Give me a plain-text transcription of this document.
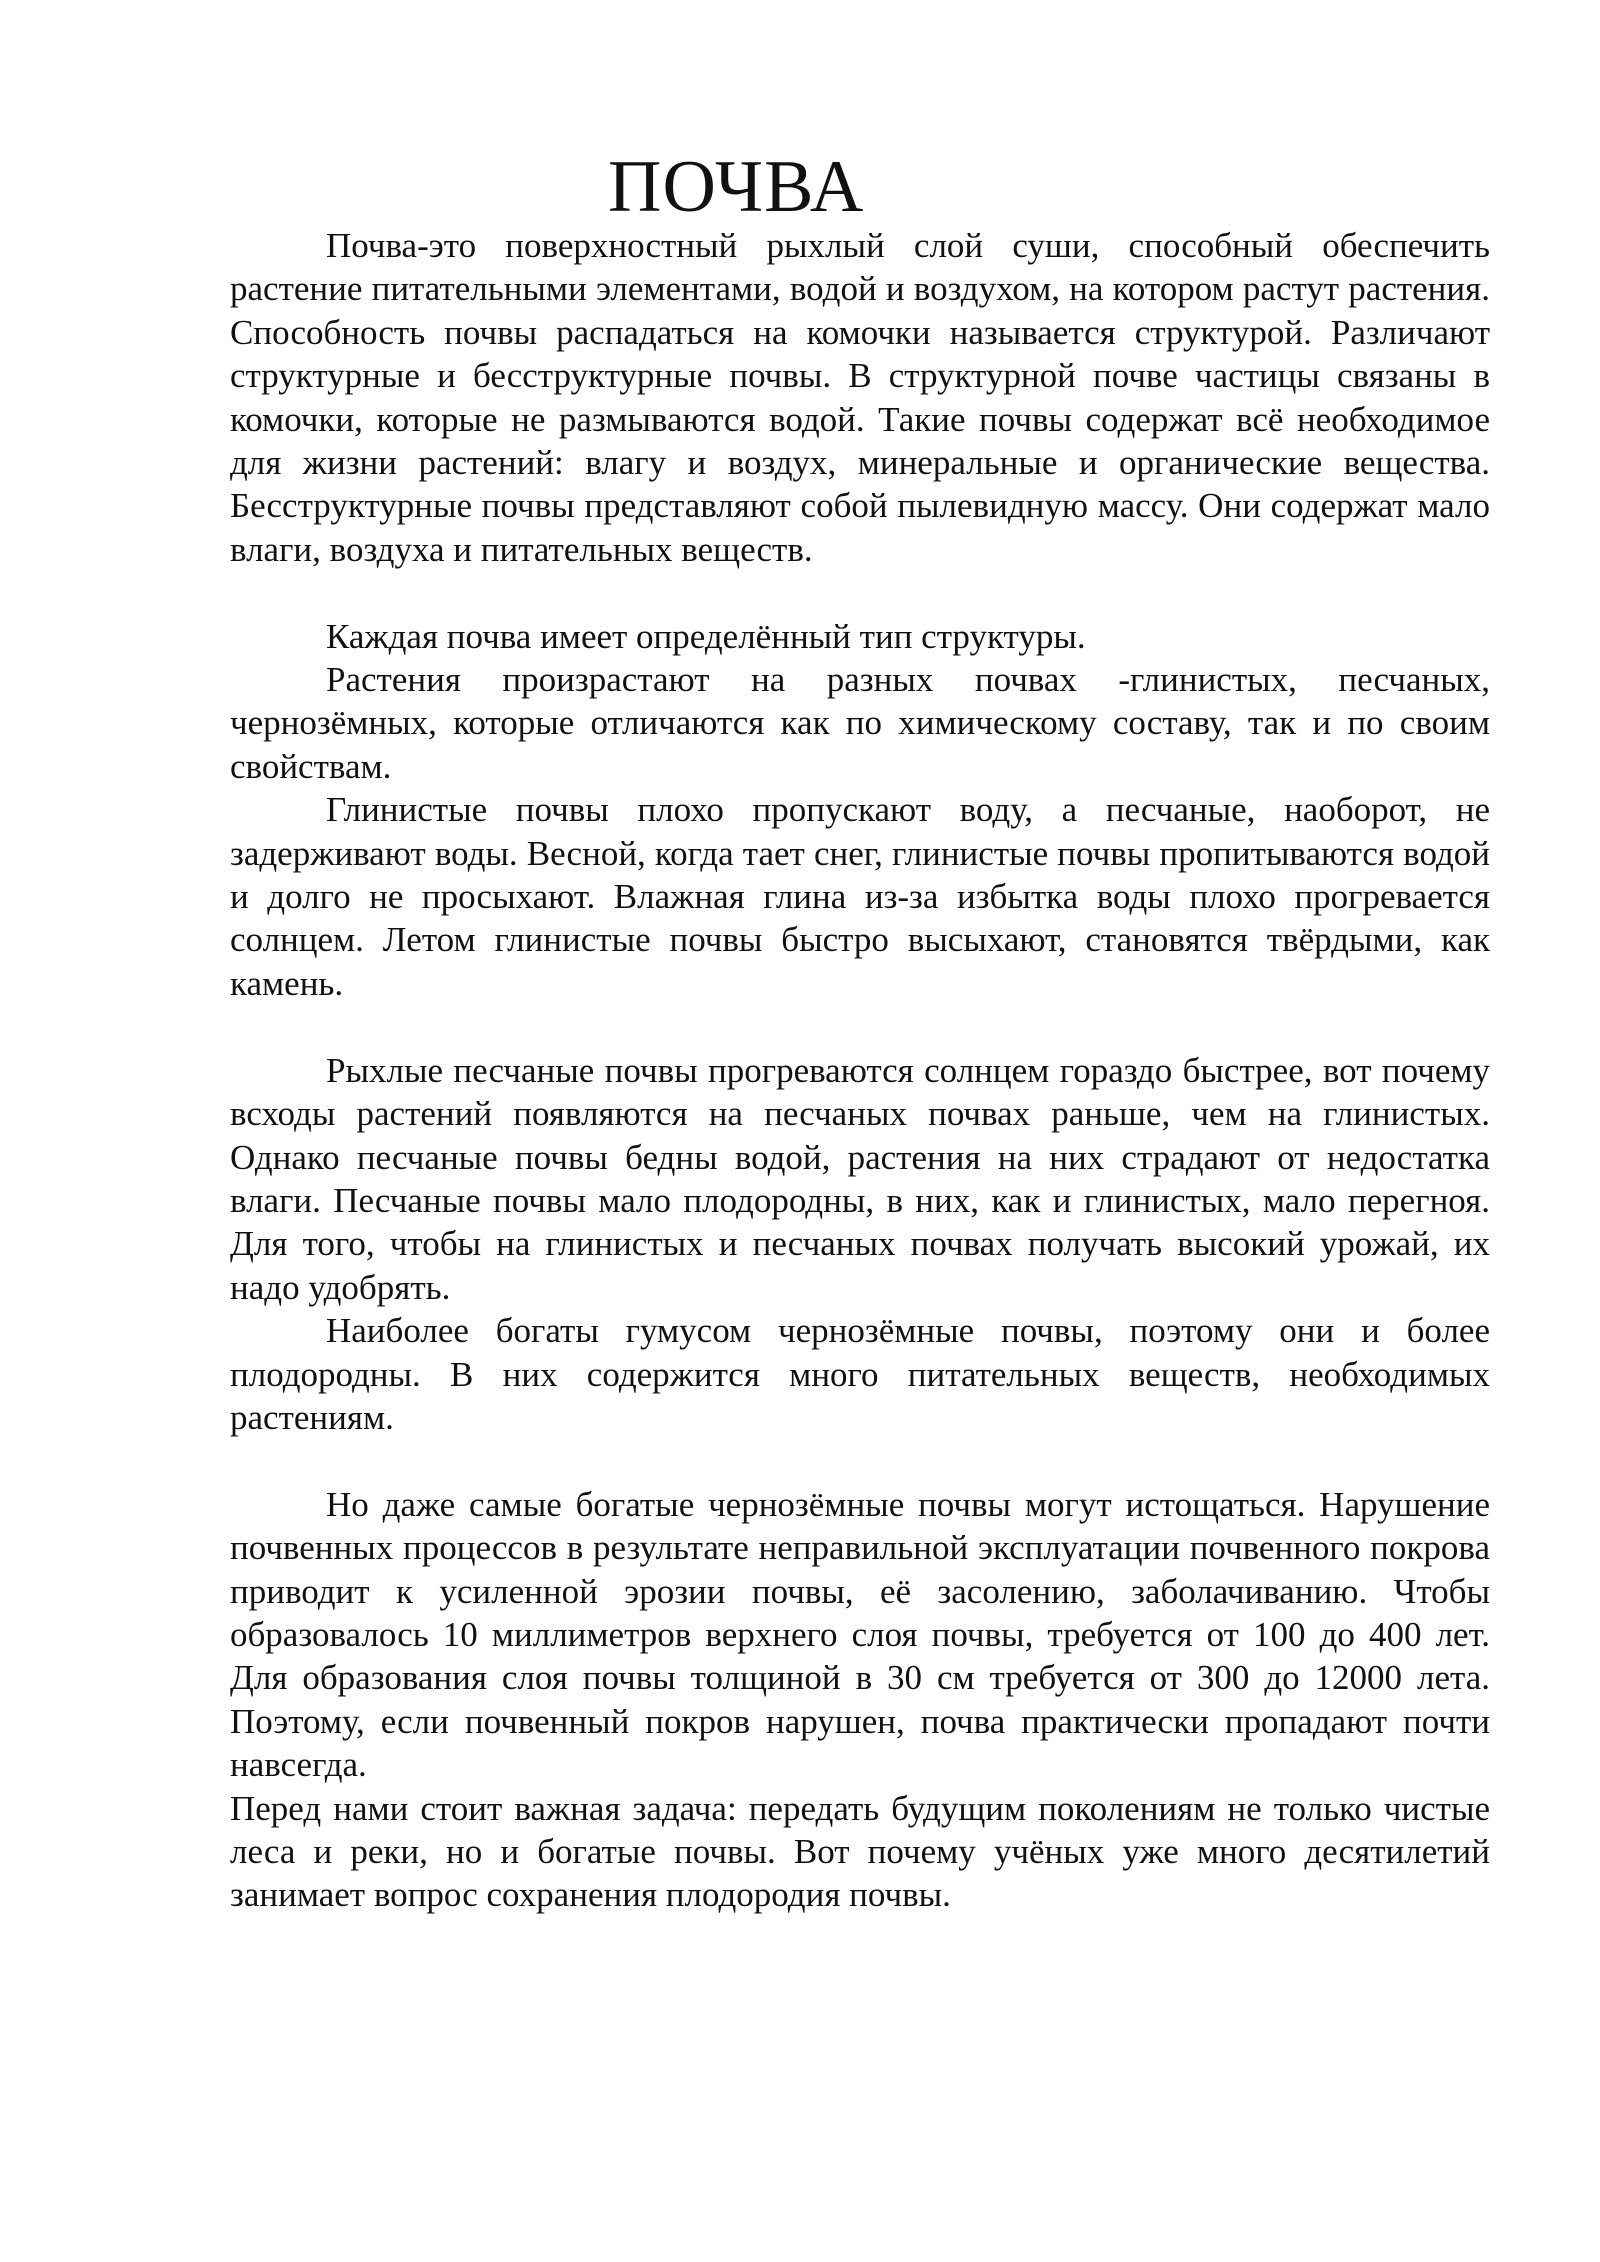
ПОЧВА

Почва-это поверхностный рыхлый слой суши, способный обеспечить растение питательными элементами, водой и воздухом, на котором растут растения. Способность почвы распадаться на комочки называется структурой. Различают структурные и бесструктурные почвы. В структурной почве частицы связаны в комочки, которые не размываются водой. Такие почвы содержат всё необходимое для жизни растений: влагу и воздух, минеральные и органические вещества. Бесструктурные почвы представляют собой пылевидную массу. Они содержат мало влаги, воздуха и питательных веществ.

Каждая почва имеет определённый тип структуры.

Растения произрастают на разных почвах -глинистых, песчаных, чернозёмных, которые отличаются как по химическому составу, так и по своим свойствам.

Глинистые почвы плохо пропускают воду, а песчаные, наоборот, не задерживают воды. Весной, когда тает снег, глинистые почвы пропитываются водой и долго не просыхают. Влажная глина из-за избытка воды плохо прогревается солнцем. Летом глинистые почвы быстро высыхают, становятся твёрдыми, как камень.

Рыхлые песчаные почвы прогреваются солнцем гораздо быстрее, вот почему всходы растений появляются на песчаных почвах раньше, чем на глинистых. Однако песчаные почвы бедны водой, растения на них страдают от недостатка влаги. Песчаные почвы мало плодородны, в них, как и глинистых, мало перегноя. Для того, чтобы на глинистых и песчаных почвах получать высокий урожай, их надо удобрять.

Наиболее богаты гумусом чернозёмные почвы, поэтому они и более плодородны. В них содержится много питательных веществ, необходимых растениям.

Но даже самые богатые чернозёмные почвы могут истощаться. Нарушение почвенных процессов в результате неправильной эксплуатации почвенного покрова приводит к усиленной эрозии почвы, её засолению, заболачиванию. Чтобы образовалось 10 миллиметров верхнего слоя почвы, требуется от 100 до 400 лет. Для образования слоя почвы толщиной в 30 см требуется от 300 до 12000 лета. Поэтому, если почвенный покров нарушен, почва практически пропадают почти навсегда.

Перед нами стоит важная задача: передать будущим поколениям не только чистые леса и реки, но и богатые почвы. Вот почему учёных уже много десятилетий занимает вопрос сохранения плодородия почвы.
